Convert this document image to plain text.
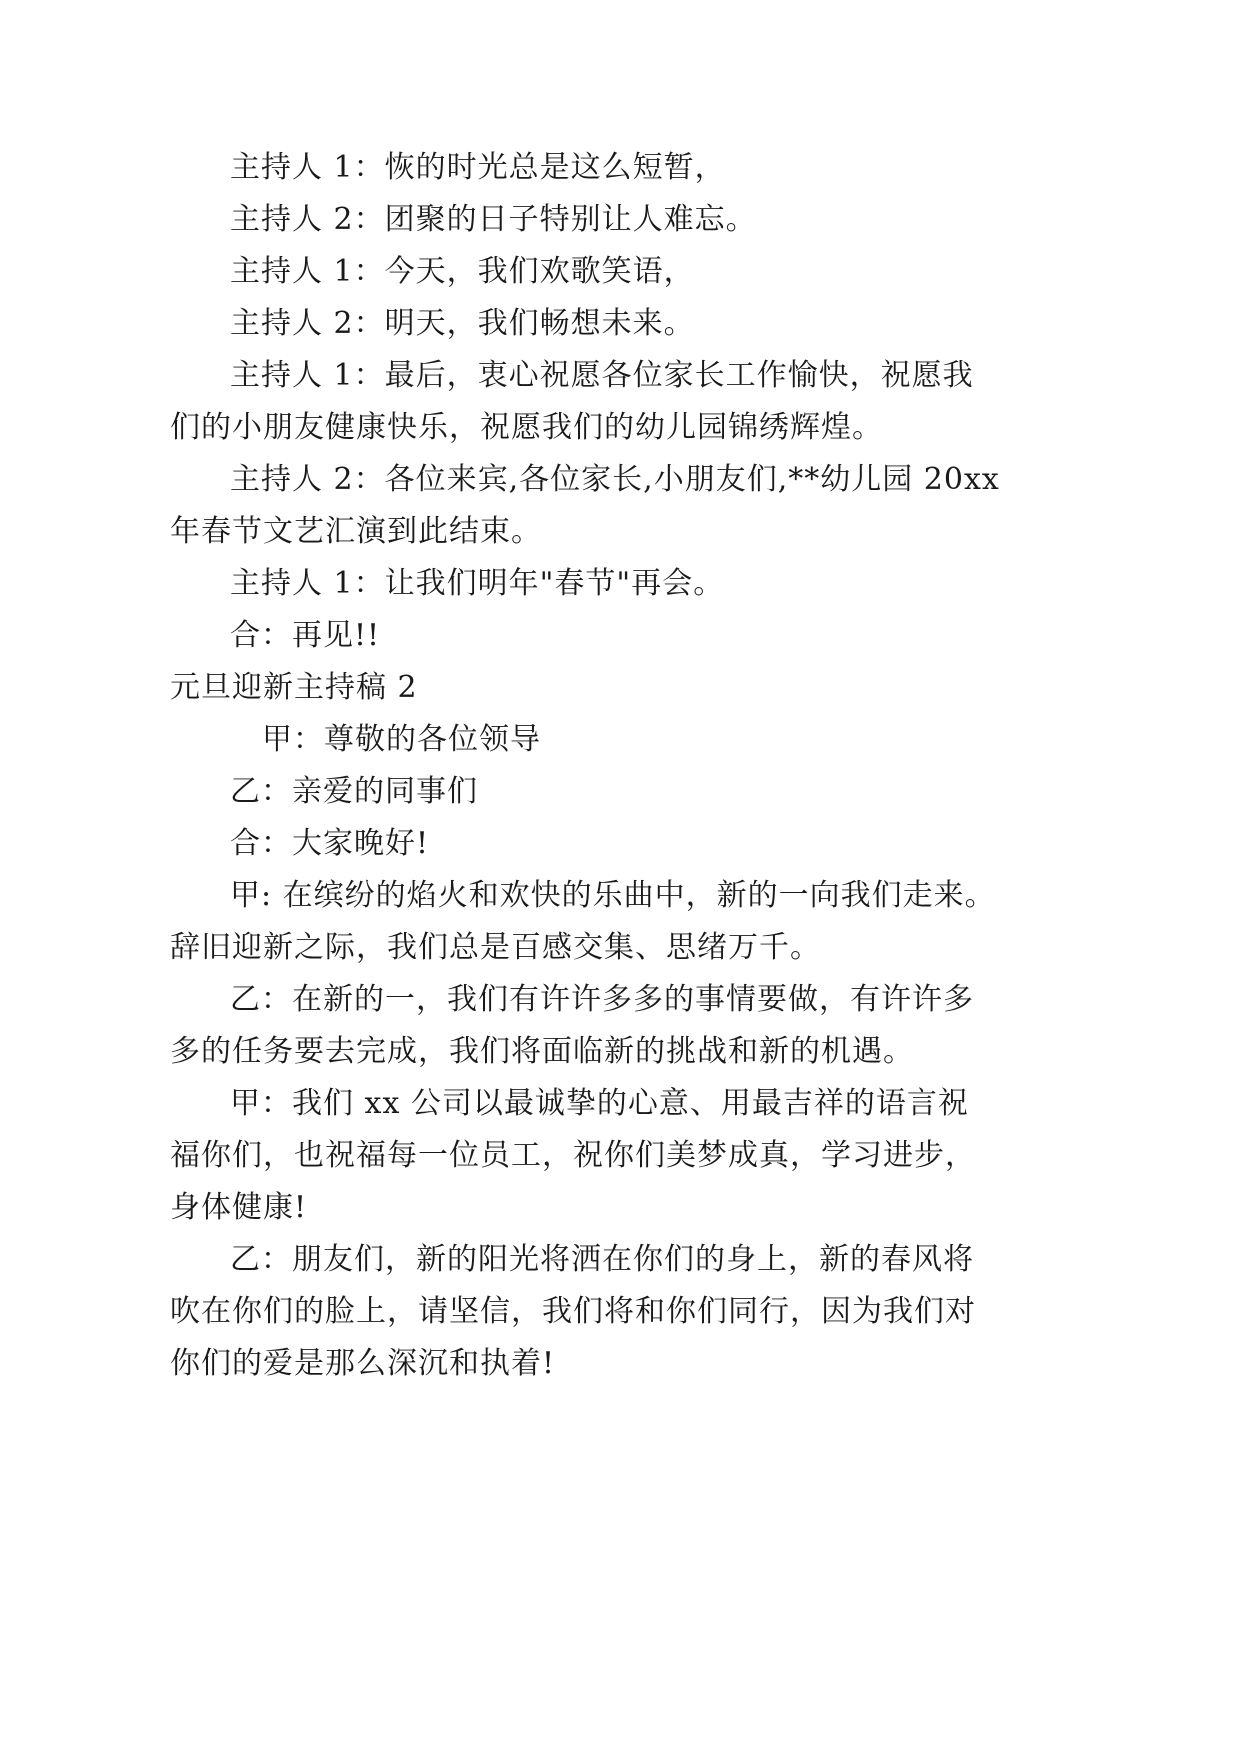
主持人 1：恢的时光总是这么短暂，
主持人 2：团聚的日子特别让人难忘。
主持人 1：今天，我们欢歌笑语，
主持人 2：明天，我们畅想未来。
主持人 1：最后，衷心祝愿各位家长工作愉快，祝愿我
们的小朋友健康快乐，祝愿我们的幼儿园锦绣辉煌。
主持人 2：各位来宾,各位家长,小朋友们,**幼儿园 20xx
年春节文艺汇演到此结束。
主持人 1：让我们明年"春节"再会。
合：再见!!
元旦迎新主持稿 2
甲：尊敬的各位领导
乙：亲爱的同事们
合：大家晚好!
甲: 在缤纷的焰火和欢快的乐曲中，新的一向我们走来。
辞旧迎新之际，我们总是百感交集、思绪万千。
乙：在新的一，我们有许许多多的事情要做，有许许多
多的任务要去完成，我们将面临新的挑战和新的机遇。
甲：我们 xx 公司以最诚挚的心意、用最吉祥的语言祝
福你们，也祝福每一位员工，祝你们美梦成真，学习进步，
身体健康!
乙：朋友们，新的阳光将洒在你们的身上，新的春风将
吹在你们的脸上，请坚信，我们将和你们同行，因为我们对
你们的爱是那么深沉和执着!
